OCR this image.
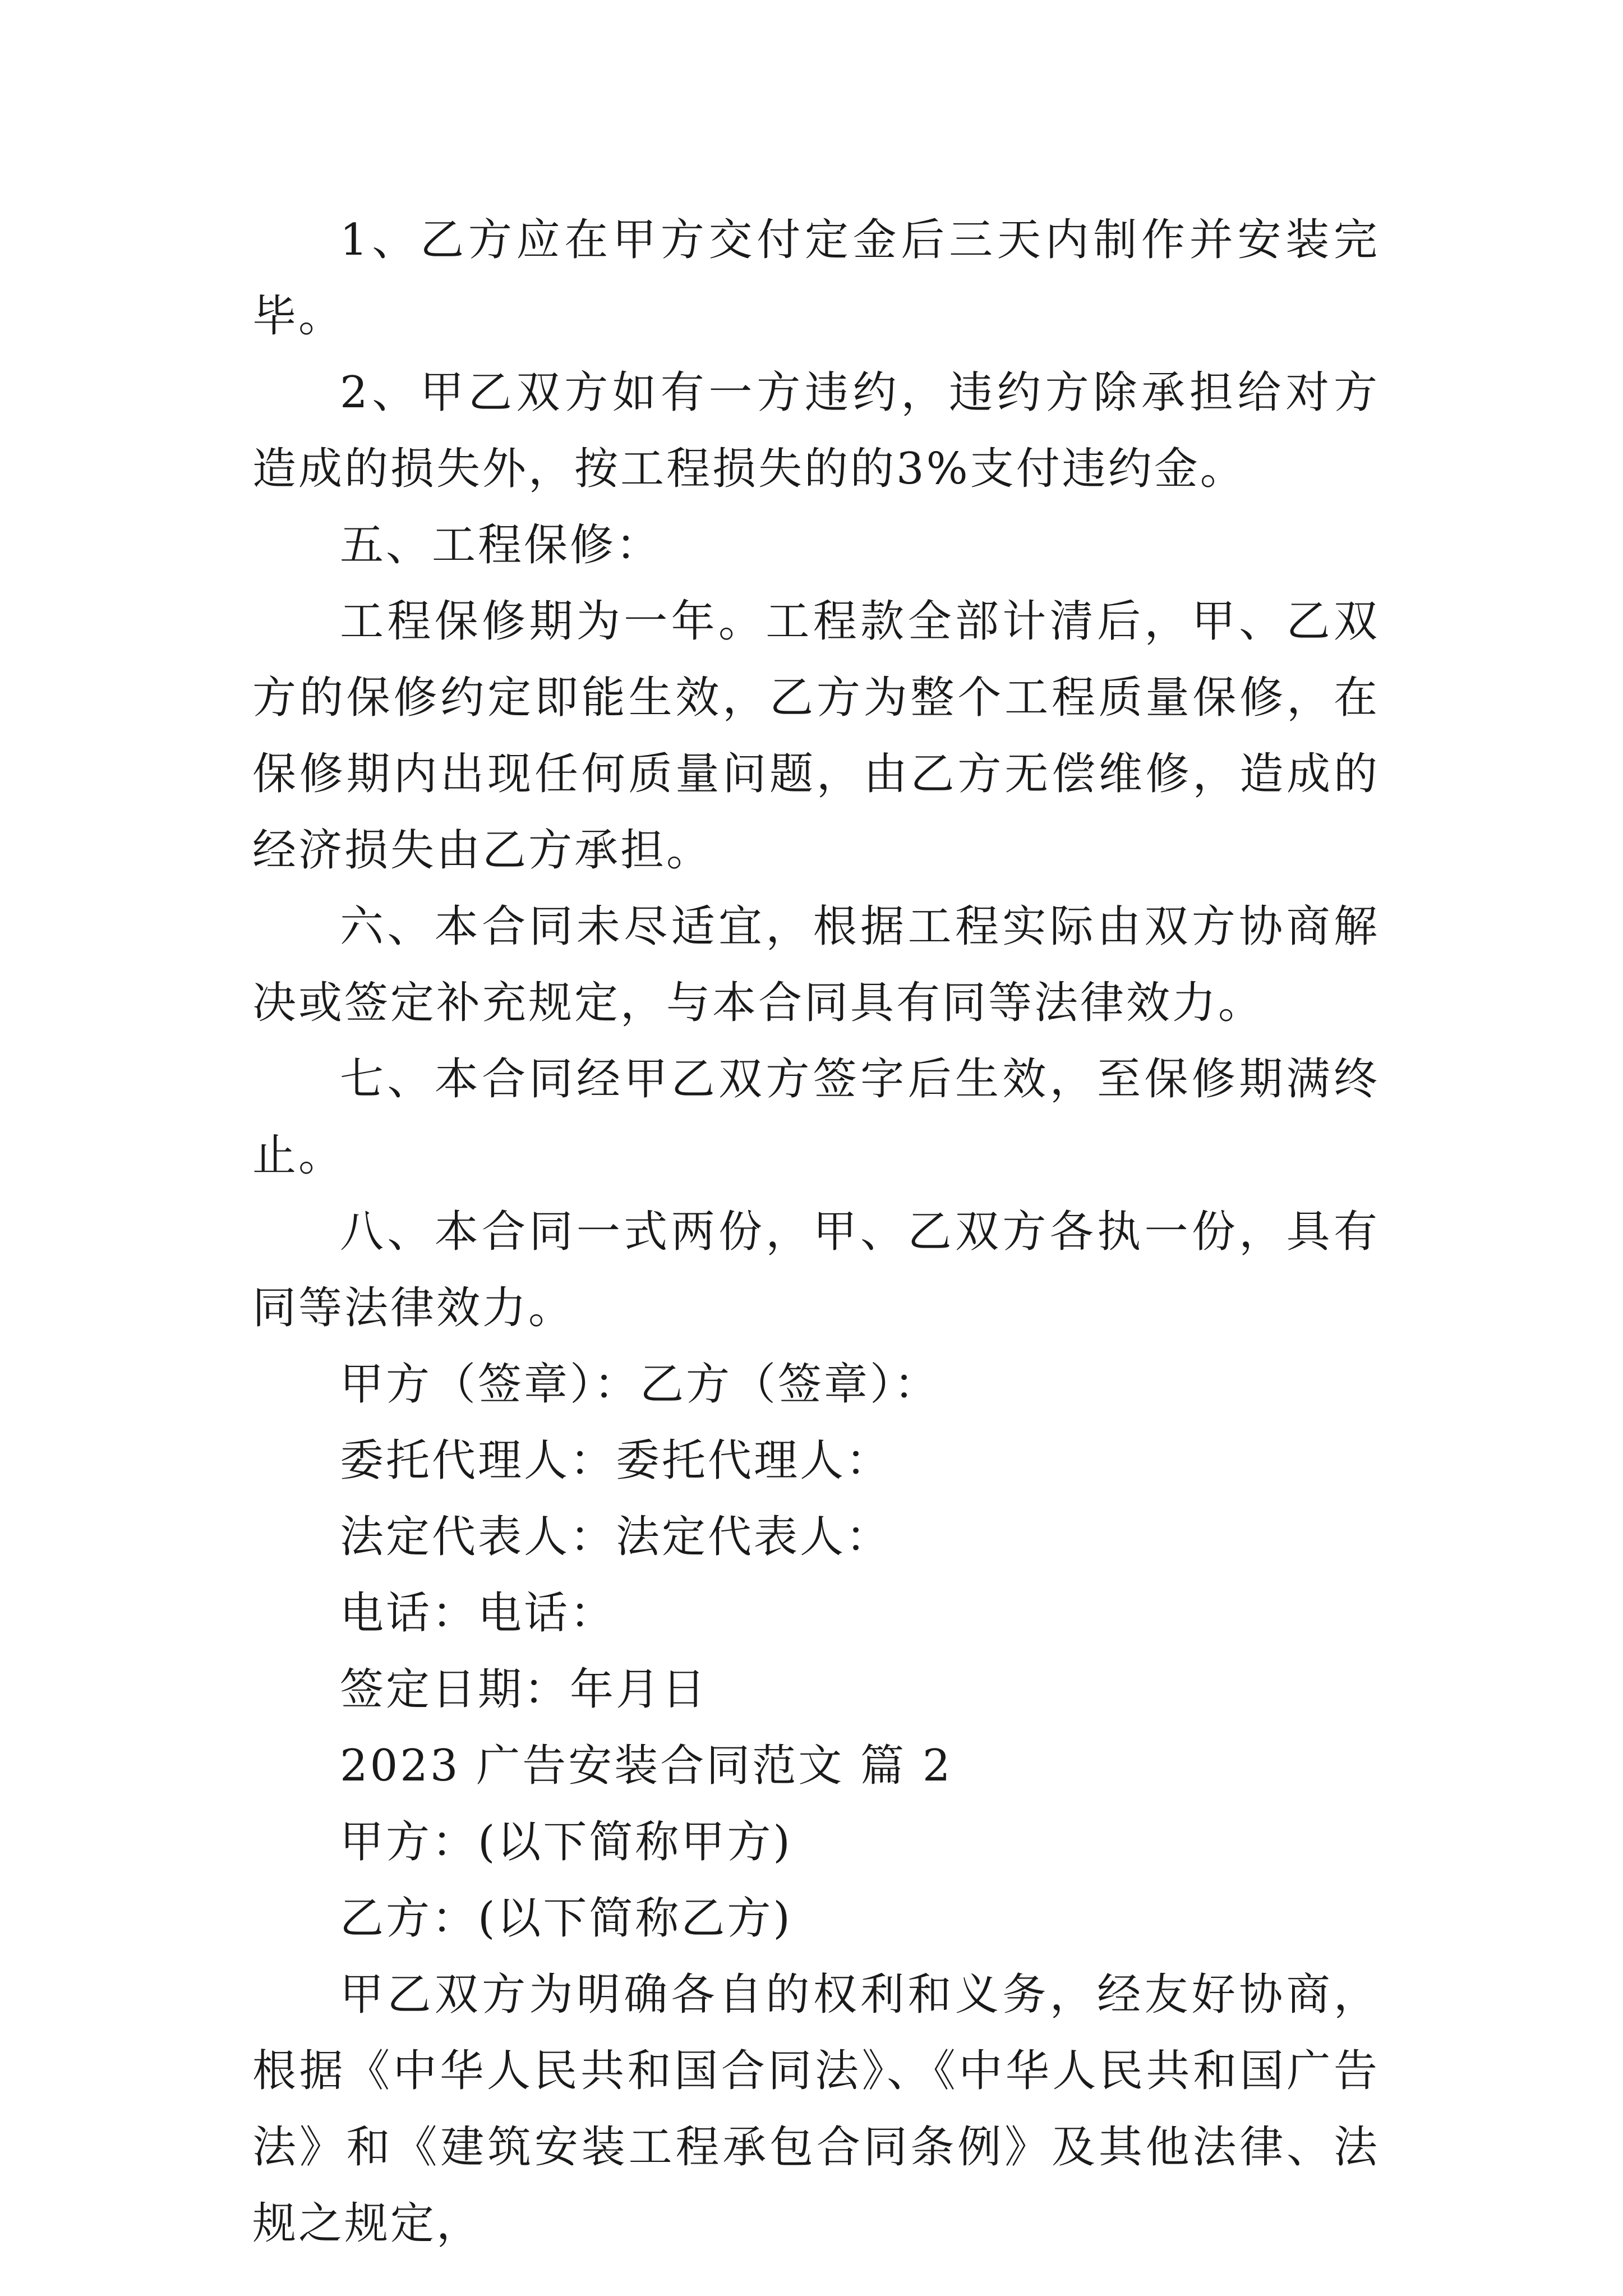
1、乙方应在甲方交付定金后三天内制作并安装完毕。

2、甲乙双方如有一方违约，违约方除承担给对方造成的损失外，按工程损失的的3%支付违约金。

五、工程保修：

工程保修期为一年。工程款全部计清后，甲、乙双方的保修约定即能生效，乙方为整个工程质量保修，在保修期内出现任何质量问题，由乙方无偿维修，造成的经济损失由乙方承担。

六、本合同未尽适宜，根据工程实际由双方协商解决或签定补充规定，与本合同具有同等法律效力。

七、本合同经甲乙双方签字后生效，至保修期满终止。

八、本合同一式两份，甲、乙双方各执一份，具有同等法律效力。

甲方（签章）：乙方（签章）：

委托代理人：委托代理人：

法定代表人：法定代表人：

电话：电话：

签定日期：年月日

2023 广告安装合同范文 篇 2

甲方：(以下简称甲方)

乙方：(以下简称乙方)

甲乙双方为明确各自的权利和义务，经友好协商，根据《中华人民共和国合同法》、《中华人民共和国广告法》和《建筑安装工程承包合同条例》及其他法律、法规之规定，
